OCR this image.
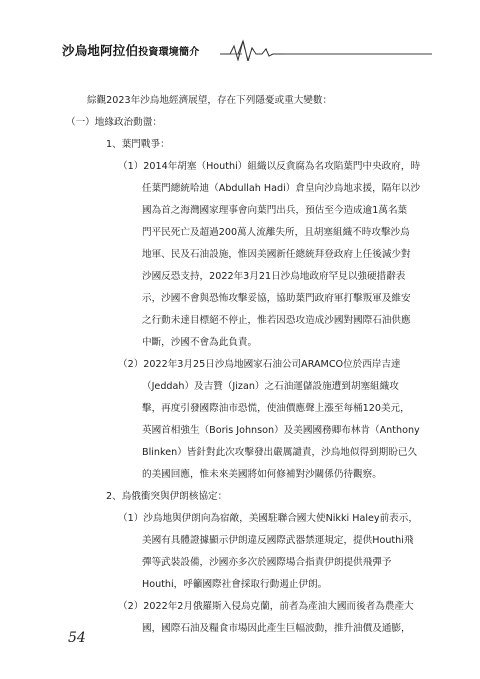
沙烏地阿拉伯投資環境簡介
綜觀2023年沙烏地經濟展望，存在下列隱憂或重大變數：
（一）地緣政治動盪：
1、葉門戰爭：
（1）2014年胡塞（Houthi）組織以反貪腐為名攻陷葉門中央政府，時
任葉門總統哈迪（Abdullah Hadi）倉皇向沙烏地求援，隔年以沙
國為首之海灣國家理事會向葉門出兵，預估至今造成逾1萬名葉
門平民死亡及超過200萬人流離失所，且胡塞組織不時攻擊沙烏
地軍、民及石油設施，惟因美國新任總統拜登政府上任後減少對
沙國反恐支持，2022年3月21日沙烏地政府罕見以強硬措辭表
示，沙國不會與恐怖攻擊妥協，協助葉門政府軍打擊叛軍及維安
之行動未達目標絕不停止，惟若因恐攻造成沙國對國際石油供應
中斷，沙國不會為此負責。
（2）2022年3月25日沙烏地國家石油公司ARAMCO位於西岸吉達
（Jeddah）及吉贊（Jizan）之石油運儲設施遭到胡塞組織攻
擊，再度引發國際油市恐慌，使油價應聲上漲至每桶120美元，
英國首相強生（Boris Johnson）及美國國務卿布林肯（Anthony
Blinken）皆針對此次攻擊發出嚴厲譴責，沙烏地似得到期盼已久
的美國回應，惟未來美國將如何修補對沙關係仍待觀察。
2、烏俄衝突與伊朗核協定：
（1）沙烏地與伊朗向為宿敵，美國駐聯合國大使Nikki Haley前表示，
美國有具體證據顯示伊朗違反國際武器禁運規定，提供Houthi飛
彈等武裝設備，沙國亦多次於國際場合指責伊朗提供飛彈予
Houthi，呼籲國際社會採取行動遏止伊朗。
（2）2022年2月俄羅斯入侵烏克蘭，前者為產油大國而後者為農產大
國，國際石油及糧食市場因此產生巨幅波動，推升油價及通膨，
54
